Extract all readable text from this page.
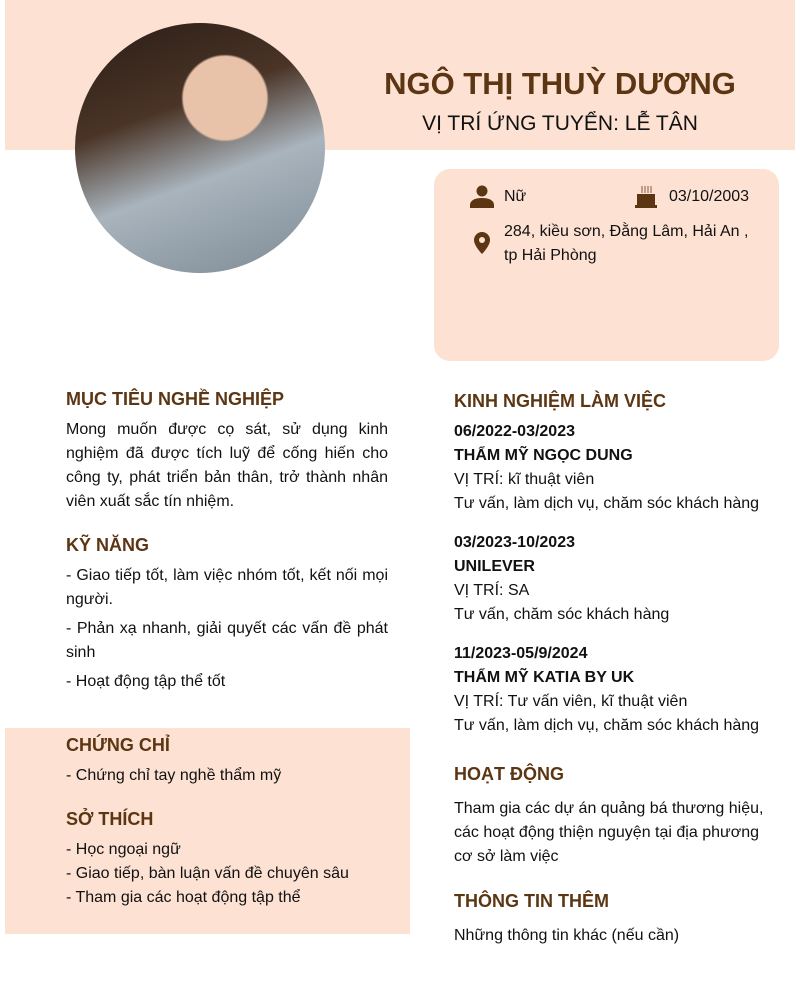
NGÔ THỊ THUỲ DƯƠNG
VỊ TRÍ ỨNG TUYỂN: LỄ TÂN
Nữ	03/10/2003
284, kiều sơn, Đằng Lâm, Hải An , tp Hải Phòng
MỤC TIÊU NGHỀ NGHIỆP
Mong muốn được cọ sát, sử dụng kinh nghiệm đã được tích luỹ để cống hiến cho công ty, phát triển bản thân, trở thành nhân viên xuất sắc tín nhiệm.
KỸ NĂNG
- Giao tiếp tốt, làm việc nhóm tốt, kết nối mọi người.
- Phản xạ nhanh, giải quyết các vấn đề phát sinh
- Hoạt động tập thể tốt
CHỨNG CHỈ
- Chứng chỉ tay nghề thẩm mỹ
SỞ THÍCH
- Học ngoại ngữ
- Giao tiếp, bàn luận vấn đề chuyên sâu
- Tham gia các hoạt động tập thể
KINH NGHIỆM LÀM VIỆC
06/2022-03/2023
THẨM MỸ NGỌC DUNG
VỊ TRÍ: kĩ thuật viên
Tư vấn, làm dịch vụ, chăm sóc khách hàng
03/2023-10/2023
UNILEVER
VỊ TRÍ: SA
Tư vấn, chăm sóc khách hàng
11/2023-05/9/2024
THẨM MỸ KATIA BY UK
VỊ TRÍ: Tư vấn viên, kĩ thuật viên
Tư vấn, làm dịch vụ, chăm sóc khách hàng
HOẠT ĐỘNG
Tham gia các dự án quảng bá thương hiệu, các hoạt động thiện nguyện tại địa phương cơ sở làm việc
THÔNG TIN THÊM
Những thông tin khác (nếu cần)
